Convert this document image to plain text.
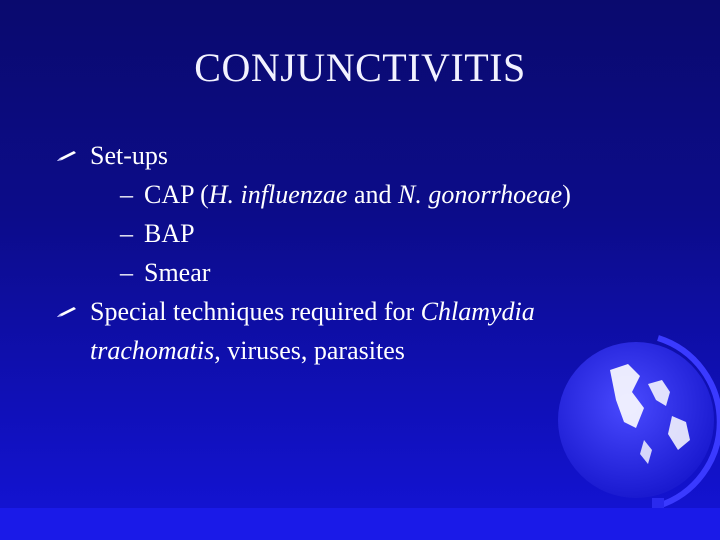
CONJUNCTIVITIS
Set-ups
– CAP (H. influenzae and N. gonorrhoeae)
– BAP
– Smear
Special techniques required for Chlamydia
trachomatis, viruses, parasites
